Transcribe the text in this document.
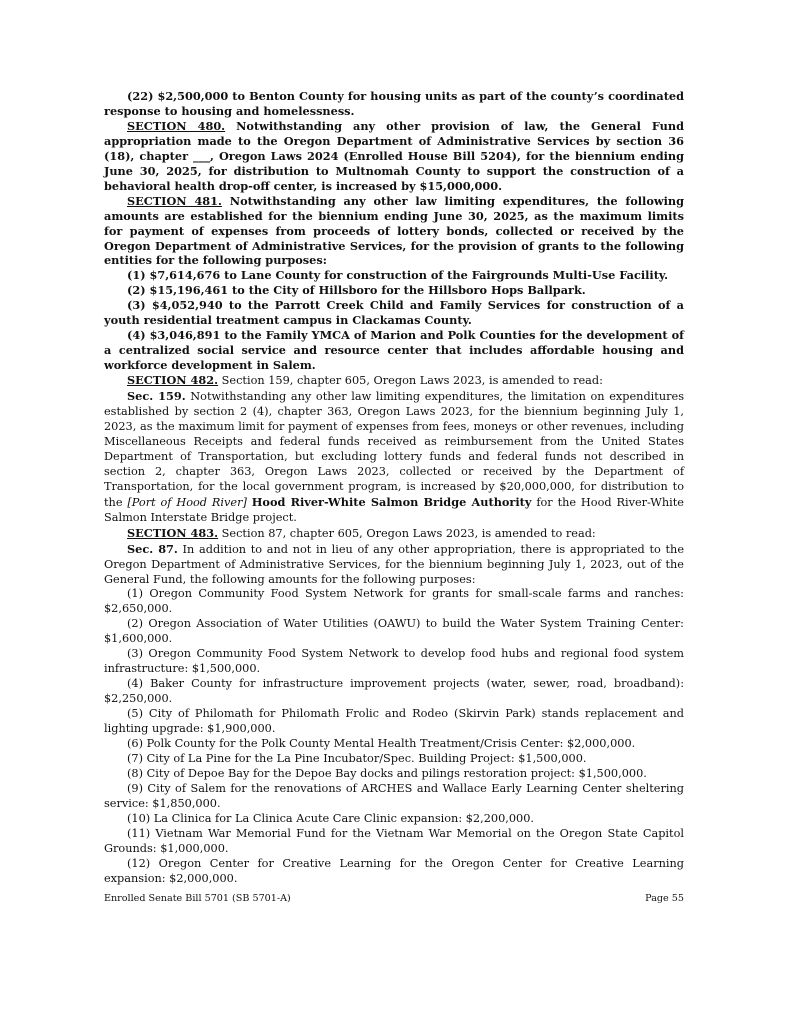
(22) $2,500,000 to Benton County for housing units as part of the county’s coordinated response to housing and homelessness.

SECTION 480. Notwithstanding any other provision of law, the General Fund appropriation made to the Oregon Department of Administrative Services by section 36 (18), chapter ___, Oregon Laws 2024 (Enrolled House Bill 5204), for the biennium ending June 30, 2025, for distribution to Multnomah County to support the construction of a behavioral health drop-off center, is increased by $15,000,000.

SECTION 481. Notwithstanding any other law limiting expenditures, the following amounts are established for the biennium ending June 30, 2025, as the maximum limits for payment of expenses from proceeds of lottery bonds, collected or received by the Oregon Department of Administrative Services, for the provision of grants to the following entities for the following purposes:

(1) $7,614,676 to Lane County for construction of the Fairgrounds Multi-Use Facility.

(2) $15,196,461 to the City of Hillsboro for the Hillsboro Hops Ballpark.

(3) $4,052,940 to the Parrott Creek Child and Family Services for construction of a youth residential treatment campus in Clackamas County.

(4) $3,046,891 to the Family YMCA of Marion and Polk Counties for the development of a centralized social service and resource center that includes affordable housing and workforce development in Salem.

SECTION 482. Section 159, chapter 605, Oregon Laws 2023, is amended to read:

Sec. 159. Notwithstanding any other law limiting expenditures, the limitation on expenditures established by section 2 (4), chapter 363, Oregon Laws 2023, for the biennium beginning July 1, 2023, as the maximum limit for payment of expenses from fees, moneys or other revenues, including Miscellaneous Receipts and federal funds received as reimbursement from the United States Department of Transportation, but excluding lottery funds and federal funds not described in section 2, chapter 363, Oregon Laws 2023, collected or received by the Department of Transportation, for the local government program, is increased by $20,000,000, for distribution to the [Port of Hood River] Hood River-White Salmon Bridge Authority for the Hood River-White Salmon Interstate Bridge project.

SECTION 483. Section 87, chapter 605, Oregon Laws 2023, is amended to read:

Sec. 87. In addition to and not in lieu of any other appropriation, there is appropriated to the Oregon Department of Administrative Services, for the biennium beginning July 1, 2023, out of the General Fund, the following amounts for the following purposes:

(1) Oregon Community Food System Network for grants for small-scale farms and ranches: $2,650,000.

(2) Oregon Association of Water Utilities (OAWU) to build the Water System Training Center: $1,600,000.

(3) Oregon Community Food System Network to develop food hubs and regional food system infrastructure: $1,500,000.

(4) Baker County for infrastructure improvement projects (water, sewer, road, broadband): $2,250,000.

(5) City of Philomath for Philomath Frolic and Rodeo (Skirvin Park) stands replacement and lighting upgrade: $1,900,000.

(6) Polk County for the Polk County Mental Health Treatment/Crisis Center: $2,000,000.

(7) City of La Pine for the La Pine Incubator/Spec. Building Project: $1,500,000.

(8) City of Depoe Bay for the Depoe Bay docks and pilings restoration project: $1,500,000.

(9) City of Salem for the renovations of ARCHES and Wallace Early Learning Center sheltering service: $1,850,000.

(10) La Clinica for La Clinica Acute Care Clinic expansion: $2,200,000.

(11) Vietnam War Memorial Fund for the Vietnam War Memorial on the Oregon State Capitol Grounds: $1,000,000.

(12) Oregon Center for Creative Learning for the Oregon Center for Creative Learning expansion: $2,000,000.

Enrolled Senate Bill 5701 (SB 5701-A)	Page 55
